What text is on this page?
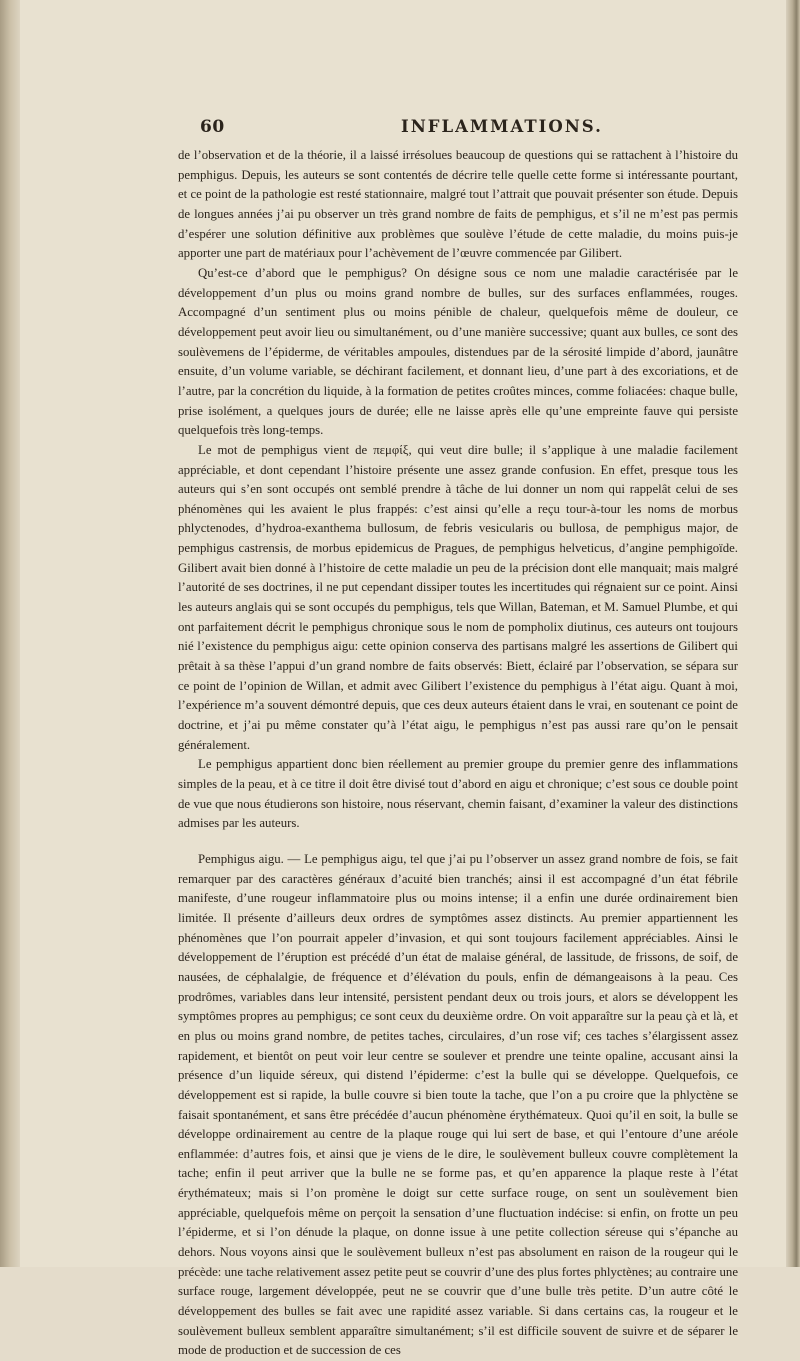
60	INFLAMMATIONS.

de l’observation et de la théorie, il a laissé irrésolues beaucoup de questions qui se rattachent à l’histoire du pemphigus. Depuis, les auteurs se sont contentés de décrire telle quelle cette forme si intéressante pourtant, et ce point de la pathologie est resté stationnaire, malgré tout l’attrait que pouvait présenter son étude. Depuis de longues années j’ai pu observer un très grand nombre de faits de pemphigus, et s’il ne m’est pas permis d’espérer une solution définitive aux problèmes que soulève l’étude de cette maladie, du moins puis-je apporter une part de matériaux pour l’achèvement de l’œuvre commencée par Gilibert.

Qu’est-ce d’abord que le pemphigus? On désigne sous ce nom une maladie caractérisée par le développement d’un plus ou moins grand nombre de bulles, sur des surfaces enflammées, rouges. Accompagné d’un sentiment plus ou moins pénible de chaleur, quelquefois même de douleur, ce développement peut avoir lieu ou simultanément, ou d’une manière successive; quant aux bulles, ce sont des soulèvemens de l’épiderme, de véritables ampoules, distendues par de la sérosité limpide d’abord, jaunâtre ensuite, d’un volume variable, se déchirant facilement, et donnant lieu, d’une part à des excoriations, et de l’autre, par la concrétion du liquide, à la formation de petites croûtes minces, comme foliacées: chaque bulle, prise isolément, a quelques jours de durée; elle ne laisse après elle qu’une empreinte fauve qui persiste quelquefois très long-temps.

Le mot de pemphigus vient de πεμφίξ, qui veut dire bulle; il s’applique à une maladie facilement appréciable, et dont cependant l’histoire présente une assez grande confusion. En effet, presque tous les auteurs qui s’en sont occupés ont semblé prendre à tâche de lui donner un nom qui rappelât celui de ses phénomènes qui les avaient le plus frappés: c’est ainsi qu’elle a reçu tour-à-tour les noms de morbus phlyctenodes, d’hydroa-exanthema bullosum, de febris vesicularis ou bullosa, de pemphigus major, de pemphigus castrensis, de morbus epidemicus de Pragues, de pemphigus helveticus, d’angine pemphigoïde. Gilibert avait bien donné à l’histoire de cette maladie un peu de la précision dont elle manquait; mais malgré l’autorité de ses doctrines, il ne put cependant dissiper toutes les incertitudes qui régnaient sur ce point. Ainsi les auteurs anglais qui se sont occupés du pemphigus, tels que Willan, Bateman, et M. Samuel Plumbe, et qui ont parfaitement décrit le pemphigus chronique sous le nom de pompholix diutinus, ces auteurs ont toujours nié l’existence du pemphigus aigu: cette opinion conserva des partisans malgré les assertions de Gilibert qui prêtait à sa thèse l’appui d’un grand nombre de faits observés: Biett, éclairé par l’observation, se sépara sur ce point de l’opinion de Willan, et admit avec Gilibert l’existence du pemphigus à l’état aigu. Quant à moi, l’expérience m’a souvent démontré depuis, que ces deux auteurs étaient dans le vrai, en soutenant ce point de doctrine, et j’ai pu même constater qu’à l’état aigu, le pemphigus n’est pas aussi rare qu’on le pensait généralement.

Le pemphigus appartient donc bien réellement au premier groupe du premier genre des inflammations simples de la peau, et à ce titre il doit être divisé tout d’abord en aigu et chronique; c’est sous ce double point de vue que nous étudierons son histoire, nous réservant, chemin faisant, d’examiner la valeur des distinctions admises par les auteurs.

Pemphigus aigu. — Le pemphigus aigu, tel que j’ai pu l’observer un assez grand nombre de fois, se fait remarquer par des caractères généraux d’acuité bien tranchés; ainsi il est accompagné d’un état fébrile manifeste, d’une rougeur inflammatoire plus ou moins intense; il a enfin une durée ordinairement bien limitée. Il présente d’ailleurs deux ordres de symptômes assez distincts. Au premier appartiennent les phénomènes que l’on pourrait appeler d’invasion, et qui sont toujours facilement appréciables. Ainsi le développement de l’éruption est précédé d’un état de malaise général, de lassitude, de frissons, de soif, de nausées, de céphalalgie, de fréquence et d’élévation du pouls, enfin de démangeaisons à la peau. Ces prodrômes, variables dans leur intensité, persistent pendant deux ou trois jours, et alors se développent les symptômes propres au pemphigus; ce sont ceux du deuxième ordre. On voit apparaître sur la peau çà et là, et en plus ou moins grand nombre, de petites taches, circulaires, d’un rose vif; ces taches s’élargissent assez rapidement, et bientôt on peut voir leur centre se soulever et prendre une teinte opaline, accusant ainsi la présence d’un liquide séreux, qui distend l’épiderme: c’est la bulle qui se développe. Quelquefois, ce développement est si rapide, la bulle couvre si bien toute la tache, que l’on a pu croire que la phlyctène se faisait spontanément, et sans être précédée d’aucun phénomène érythémateux. Quoi qu’il en soit, la bulle se développe ordinairement au centre de la plaque rouge qui lui sert de base, et qui l’entoure d’une aréole enflammée: d’autres fois, et ainsi que je viens de le dire, le soulèvement bulleux couvre complètement la tache; enfin il peut arriver que la bulle ne se forme pas, et qu’en apparence la plaque reste à l’état érythémateux; mais si l’on promène le doigt sur cette surface rouge, on sent un soulèvement bien appréciable, quelquefois même on perçoit la sensation d’une fluctuation indécise: si enfin, on frotte un peu l’épiderme, et si l’on dénude la plaque, on donne issue à une petite collection séreuse qui s’épanche au dehors. Nous voyons ainsi que le soulèvement bulleux n’est pas absolument en raison de la rougeur qui le précède: une tache relativement assez petite peut se couvrir d’une des plus fortes phlyctènes; au contraire une surface rouge, largement développée, peut ne se couvrir que d’une bulle très petite. D’un autre côté le développement des bulles se fait avec une rapidité assez variable. Si dans certains cas, la rougeur et le soulèvement bulleux semblent apparaître simultanément; s’il est difficile souvent de suivre et de séparer le mode de production et de succession de ces
